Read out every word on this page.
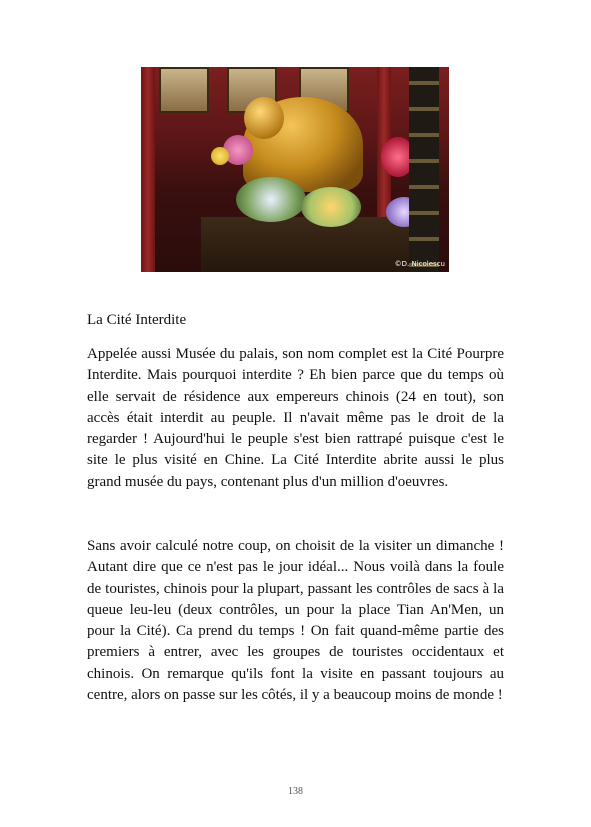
©D. Nicolescu
La Cité Interdite
Appelée aussi Musée du palais, son nom complet est la Cité Pourpre Interdite. Mais pourquoi interdite ? Eh bien parce que du temps où elle servait de résidence aux empereurs chinois (24 en tout), son accès était interdit au peuple. Il n'avait même pas le droit de la regarder ! Aujourd'hui le peuple s'est bien rattrapé puisque c'est le site le plus visité en Chine. La Cité Interdite abrite aussi le plus grand musée du pays, contenant plus d'un million d'oeuvres.
Sans avoir calculé notre coup, on choisit de la visiter un dimanche ! Autant dire que ce n'est pas le jour idéal... Nous voilà dans la foule de touristes, chinois pour la plupart, passant les contrôles de sacs à la queue leu-leu (deux contrôles, un pour la place Tian An'Men, un pour la Cité). Ca prend du temps ! On fait quand-même partie des premiers à entrer, avec les groupes de touristes occidentaux et chinois. On remarque qu'ils font la visite en passant toujours au centre, alors on passe sur les côtés, il y a beaucoup moins de monde !
138
